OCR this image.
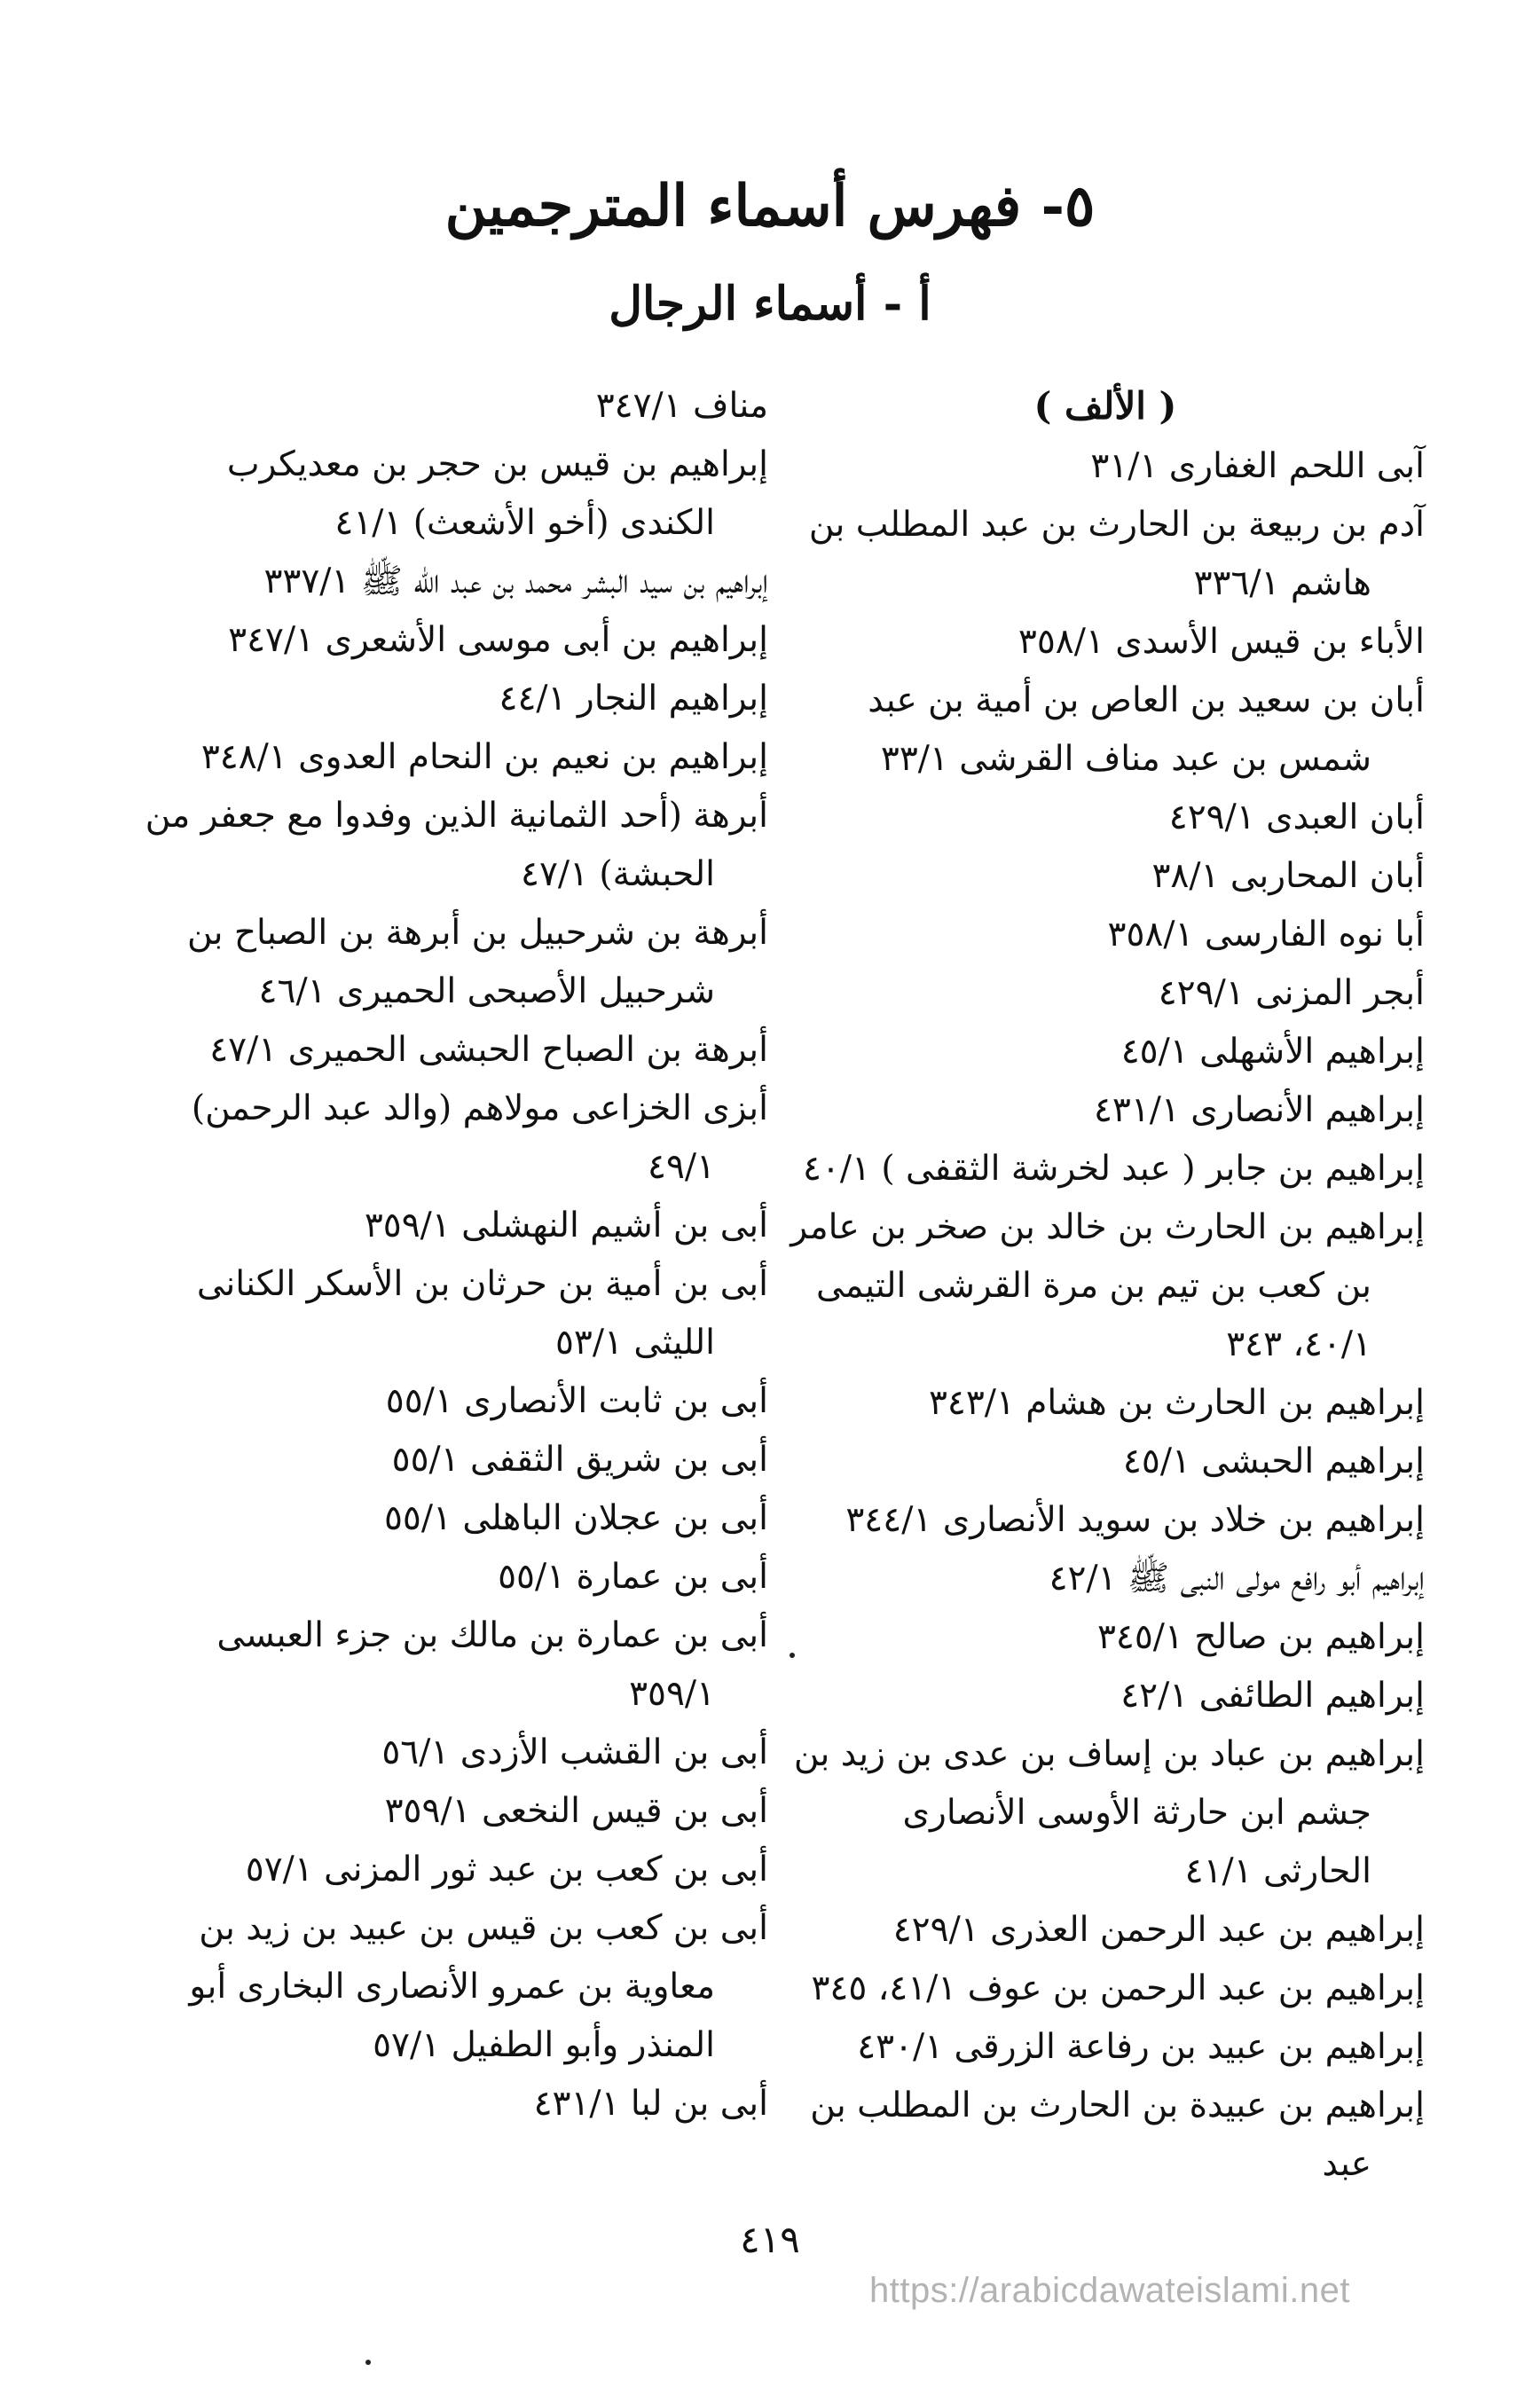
٥- فهرس أسماء المترجمين
أ - أسماء الرجال
( الألف )
آبى اللحم الغفارى ٣١/١
آدم بن ربيعة بن الحارث بن عبد المطلب بن هاشم ٣٣٦/١
الأباء بن قيس الأسدى ٣٥٨/١
أبان بن سعيد بن العاص بن أمية بن عبد شمس بن عبد مناف القرشى ٣٣/١
أبان العبدى ٤٢٩/١
أبان المحاربى ٣٨/١
أبا نوه الفارسى ٣٥٨/١
أبجر المزنى ٤٢٩/١
إبراهيم الأشهلى ٤٥/١
إبراهيم الأنصارى ٤٣١/١
إبراهيم بن جابر ( عبد لخرشة الثقفى ) ٤٠/١
إبراهيم بن الحارث بن خالد بن صخر بن عامر بن كعب بن تيم بن مرة القرشى التيمى ٤٠/١، ٣٤٣
إبراهيم بن الحارث بن هشام ٣٤٣/١
إبراهيم الحبشى ٤٥/١
إبراهيم بن خلاد بن سويد الأنصارى ٣٤٤/١
إبراهيم أبو رافع مولى النبى ﷺ ٤٢/١
إبراهيم بن صالح ٣٤٥/١
إبراهيم الطائفى ٤٢/١
إبراهيم بن عباد بن إساف بن عدى بن زيد بن جشم ابن حارثة الأوسى الأنصارى الحارثى ٤١/١
إبراهيم بن عبد الرحمن العذرى ٤٢٩/١
إبراهيم بن عبد الرحمن بن عوف ٤١/١، ٣٤٥
إبراهيم بن عبيد بن رفاعة الزرقى ٤٣٠/١
إبراهيم بن عبيدة بن الحارث بن المطلب بن عبد
مناف ٣٤٧/١
إبراهيم بن قيس بن حجر بن معديكرب الكندى (أخو الأشعث) ٤١/١
إبراهيم بن سيد البشر محمد بن عبد الله ﷺ ٣٣٧/١
إبراهيم بن أبى موسى الأشعرى ٣٤٧/١
إبراهيم النجار ٤٤/١
إبراهيم بن نعيم بن النحام العدوى ٣٤٨/١
أبرهة (أحد الثمانية الذين وفدوا مع جعفر من الحبشة) ٤٧/١
أبرهة بن شرحبيل بن أبرهة بن الصباح بن شرحبيل الأصبحى الحميرى ٤٦/١
أبرهة بن الصباح الحبشى الحميرى ٤٧/١
أبزى الخزاعى مولاهم (والد عبد الرحمن) ٤٩/١
أبى بن أشيم النهشلى ٣٥٩/١
أبى بن أمية بن حرثان بن الأسكر الكنانى الليثى ٥٣/١
أبى بن ثابت الأنصارى ٥٥/١
أبى بن شريق الثقفى ٥٥/١
أبى بن عجلان الباهلى ٥٥/١
أبى بن عمارة ٥٥/١
أبى بن عمارة بن مالك بن جزء العبسى ٣٥٩/١
أبى بن القشب الأزدى ٥٦/١
أبى بن قيس النخعى ٣٥٩/١
أبى بن كعب بن عبد ثور المزنى ٥٧/١
أبى بن كعب بن قيس بن عبيد بن زيد بن معاوية بن عمرو الأنصارى البخارى أبو المنذر وأبو الطفيل ٥٧/١
أبى بن لبا ٤٣١/١
٤١٩
https://arabicdawateislami.net
